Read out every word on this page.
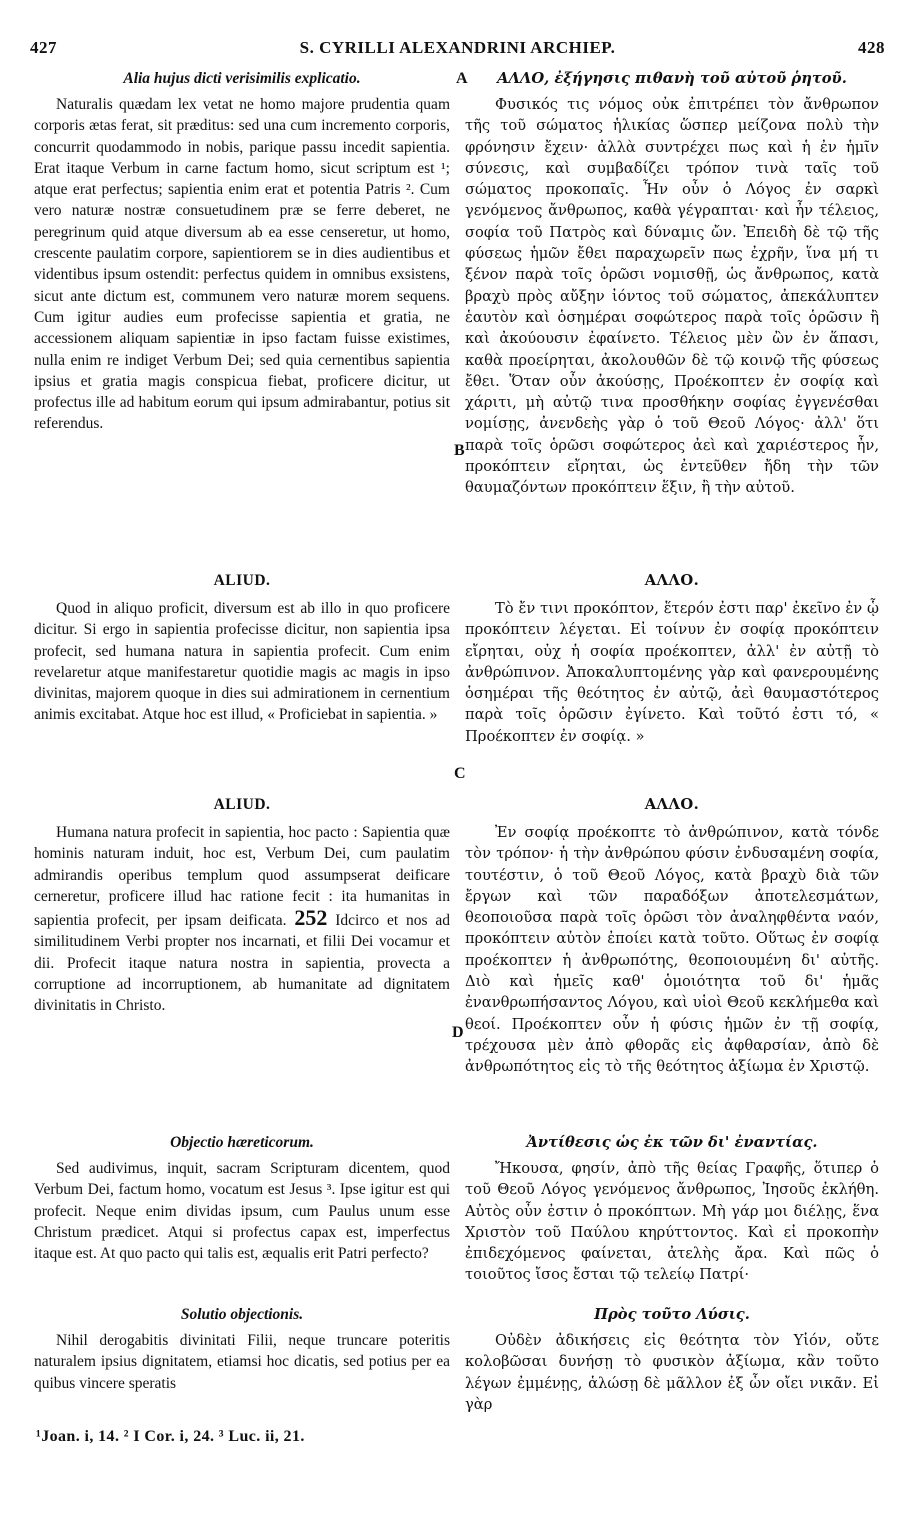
427	S. CYRILLI ALEXANDRINI ARCHIEP.	428
Alia hujus dicti verisimilis explicatio.
Naturalis quædam lex vetat ne homo majore prudentia quam corporis ætas ferat, sit præditus: sed una cum incremento corporis, concurrit quodammodo in nobis, parique passu incedit sapientia. Erat itaque Verbum in carne factum homo, sicut scriptum est ¹; atque erat perfectus; sapientia enim erat et potentia Patris ². Cum vero naturæ nostræ consuetudinem præ se ferre deberet, ne peregrinum quid atque diversum ab ea esse censeretur, ut homo, crescente paulatim corpore, sapientiorem se in dies audientibus et videntibus ipsum ostendit: perfectus quidem in omnibus exsistens, sicut ante dictum est, communem vero naturæ morem sequens. Cum igitur audies eum profecisse sapientia et gratia, ne accessionem aliquam sapientiæ in ipso factam fuisse existimes, nulla enim re indiget Verbum Dei; sed quia cernentibus sapientia ipsius et gratia magis conspicua fiebat, proficere dicitur, ut profectus ille ad habitum eorum qui ipsum admirabantur, potius sit referendus.
ALIUD.
Quod in aliquo proficit, diversum est ab illo in quo proficere dicitur. Si ergo in sapientia profecisse dicitur, non sapientia ipsa profecit, sed humana natura in sapientia profecit. Cum enim revelaretur atque manifestaretur quotidie magis ac magis in ipso divinitas, majorem quoque in dies sui admirationem in cernentium animis excitabat. Atque hoc est illud, « Proficiebat in sapientia. »
ALIUD.
Humana natura profecit in sapientia, hoc pacto : Sapientia quæ hominis naturam induit, hoc est, Verbum Dei, cum paulatim admirandis operibus templum quod assumpserat deificare cerneretur, proficere illud hac ratione fecit : ita humanitas in sapientia profecit, per ipsam deificata. 252 Idcirco et nos ad similitudinem Verbi propter nos incarnati, et filii Dei vocamur et dii. Profecit itaque natura nostra in sapientia, provecta a corruptione ad incorruptionem, ab humanitate ad dignitatem divinitatis in Christo.
Objectio hæreticorum.
Sed audivimus, inquit, sacram Scripturam dicentem, quod Verbum Dei, factum homo, vocatum est Jesus ³. Ipse igitur est qui profecit. Neque enim dividas ipsum, cum Paulus unum esse Christum prædicet. Atqui si profectus capax est, imperfectus itaque est. At quo pacto qui talis est, æqualis erit Patri perfecto?
Solutio objectionis.
Nihil derogabitis divinitati Filii, neque truncare poteritis naturalem ipsius dignitatem, etiamsi hoc dicatis, sed potius per ea quibus vincere speratis
A
B
C
D
ΑΛΛΟ, ἐξήγησις πιθανὴ τοῦ αὐτοῦ ῥητοῦ.
Φυσικός τις νόμος οὐκ ἐπιτρέπει τὸν ἄνθρωπον τῆς τοῦ σώματος ἡλικίας ὥσπερ μείζονα πολὺ τὴν φρόνησιν ἔχειν· ἀλλὰ συντρέχει πως καὶ ἡ ἐν ἡμῖν σύνεσις, καὶ συμβαδίζει τρόπον τινὰ ταῖς τοῦ σώματος προκοπαῖς. Ἦν οὖν ὁ Λόγος ἐν σαρκὶ γενόμενος ἄνθρωπος, καθὰ γέγραπται· καὶ ἦν τέλειος, σοφία τοῦ Πατρὸς καὶ δύναμις ὤν. Ἐπειδὴ δὲ τῷ τῆς φύσεως ἡμῶν ἔθει παραχωρεῖν πως ἐχρῆν, ἵνα μή τι ξένον παρὰ τοῖς ὁρῶσι νομισθῇ, ὡς ἄνθρωπος, κατὰ βραχὺ πρὸς αὔξην ἰόντος τοῦ σώματος, ἀπεκάλυπτεν ἑαυτὸν καὶ ὁσημέραι σοφώτερος παρὰ τοῖς ὁρῶσιν ἢ καὶ ἀκούουσιν ἐφαίνετο. Τέλειος μὲν ὢν ἐν ἅπασι, καθὰ προείρηται, ἀκολουθῶν δὲ τῷ κοινῷ τῆς φύσεως ἔθει. Ὅταν οὖν ἀκούσῃς, Προέκοπτεν ἐν σοφίᾳ καὶ χάριτι, μὴ αὐτῷ τινα προσθήκην σοφίας ἐγγενέσθαι νομίσῃς, ἀνενδεὴς γὰρ ὁ τοῦ Θεοῦ Λόγος· ἀλλ' ὅτι παρὰ τοῖς ὁρῶσι σοφώτερος ἀεὶ καὶ χαριέστερος ἦν, προκόπτειν εἴρηται, ὡς ἐντεῦθεν ἤδη τὴν τῶν θαυμαζόντων προκόπτειν ἕξιν, ἢ τὴν αὐτοῦ.
ΑΛΛΟ.
Τὸ ἔν τινι προκόπτον, ἕτερόν ἐστι παρ' ἐκεῖνο ἐν ᾧ προκόπτειν λέγεται. Εἰ τοίνυν ἐν σοφίᾳ προκόπτειν εἴρηται, οὐχ ἡ σοφία προέκοπτεν, ἀλλ' ἐν αὐτῇ τὸ ἀνθρώπινον. Ἀποκαλυπτομένης γὰρ καὶ φανερουμένης ὁσημέραι τῆς θεότητος ἐν αὐτῷ, ἀεὶ θαυμαστότερος παρὰ τοῖς ὁρῶσιν ἐγίνετο. Καὶ τοῦτό ἐστι τό, « Προέκοπτεν ἐν σοφίᾳ. »
ΑΛΛΟ.
Ἐν σοφίᾳ προέκοπτε τὸ ἀνθρώπινον, κατὰ τόνδε τὸν τρόπον· ἡ τὴν ἀνθρώπου φύσιν ἐνδυσαμένη σοφία, τουτέστιν, ὁ τοῦ Θεοῦ Λόγος, κατὰ βραχὺ διὰ τῶν ἔργων καὶ τῶν παραδόξων ἀποτελεσμάτων, θεοποιοῦσα παρὰ τοῖς ὁρῶσι τὸν ἀναληφθέντα ναόν, προκόπτειν αὐτὸν ἐποίει κατὰ τοῦτο. Οὕτως ἐν σοφίᾳ προέκοπτεν ἡ ἀνθρωπότης, θεοποιουμένη δι' αὐτῆς. Διὸ καὶ ἡμεῖς καθ' ὁμοιότητα τοῦ δι' ἡμᾶς ἐνανθρωπήσαντος Λόγου, καὶ υἱοὶ Θεοῦ κεκλήμεθα καὶ θεοί. Προέκοπτεν οὖν ἡ φύσις ἡμῶν ἐν τῇ σοφίᾳ, τρέχουσα μὲν ἀπὸ φθορᾶς εἰς ἀφθαρσίαν, ἀπὸ δὲ ἀνθρωπότητος εἰς τὸ τῆς θεότητος ἀξίωμα ἐν Χριστῷ.
Ἀντίθεσις ὡς ἐκ τῶν δι' ἐναντίας.
Ἤκουσα, φησίν, ἀπὸ τῆς θείας Γραφῆς, ὅτιπερ ὁ τοῦ Θεοῦ Λόγος γενόμενος ἄνθρωπος, Ἰησοῦς ἐκλήθη. Αὐτὸς οὖν ἐστιν ὁ προκόπτων. Μὴ γάρ μοι διέλῃς, ἕνα Χριστὸν τοῦ Παύλου κηρύττοντος. Καὶ εἰ προκοπὴν ἐπιδεχόμενος φαίνεται, ἀτελὴς ἄρα. Καὶ πῶς ὁ τοιοῦτος ἴσος ἔσται τῷ τελείῳ Πατρί·
Πρὸς τοῦτο Λύσις.
Οὐδὲν ἀδικήσεις εἰς θεότητα τὸν Υἱόν, οὔτε κολοβῶσαι δυνήσῃ τὸ φυσικὸν ἀξίωμα, κἂν τοῦτο λέγων ἐμμένῃς, ἁλώσῃ δὲ μᾶλλον ἐξ ὧν οἴει νικᾶν. Εἰ γὰρ
¹Joan. i, 14. ² I Cor. i, 24. ³ Luc. ii, 21.
